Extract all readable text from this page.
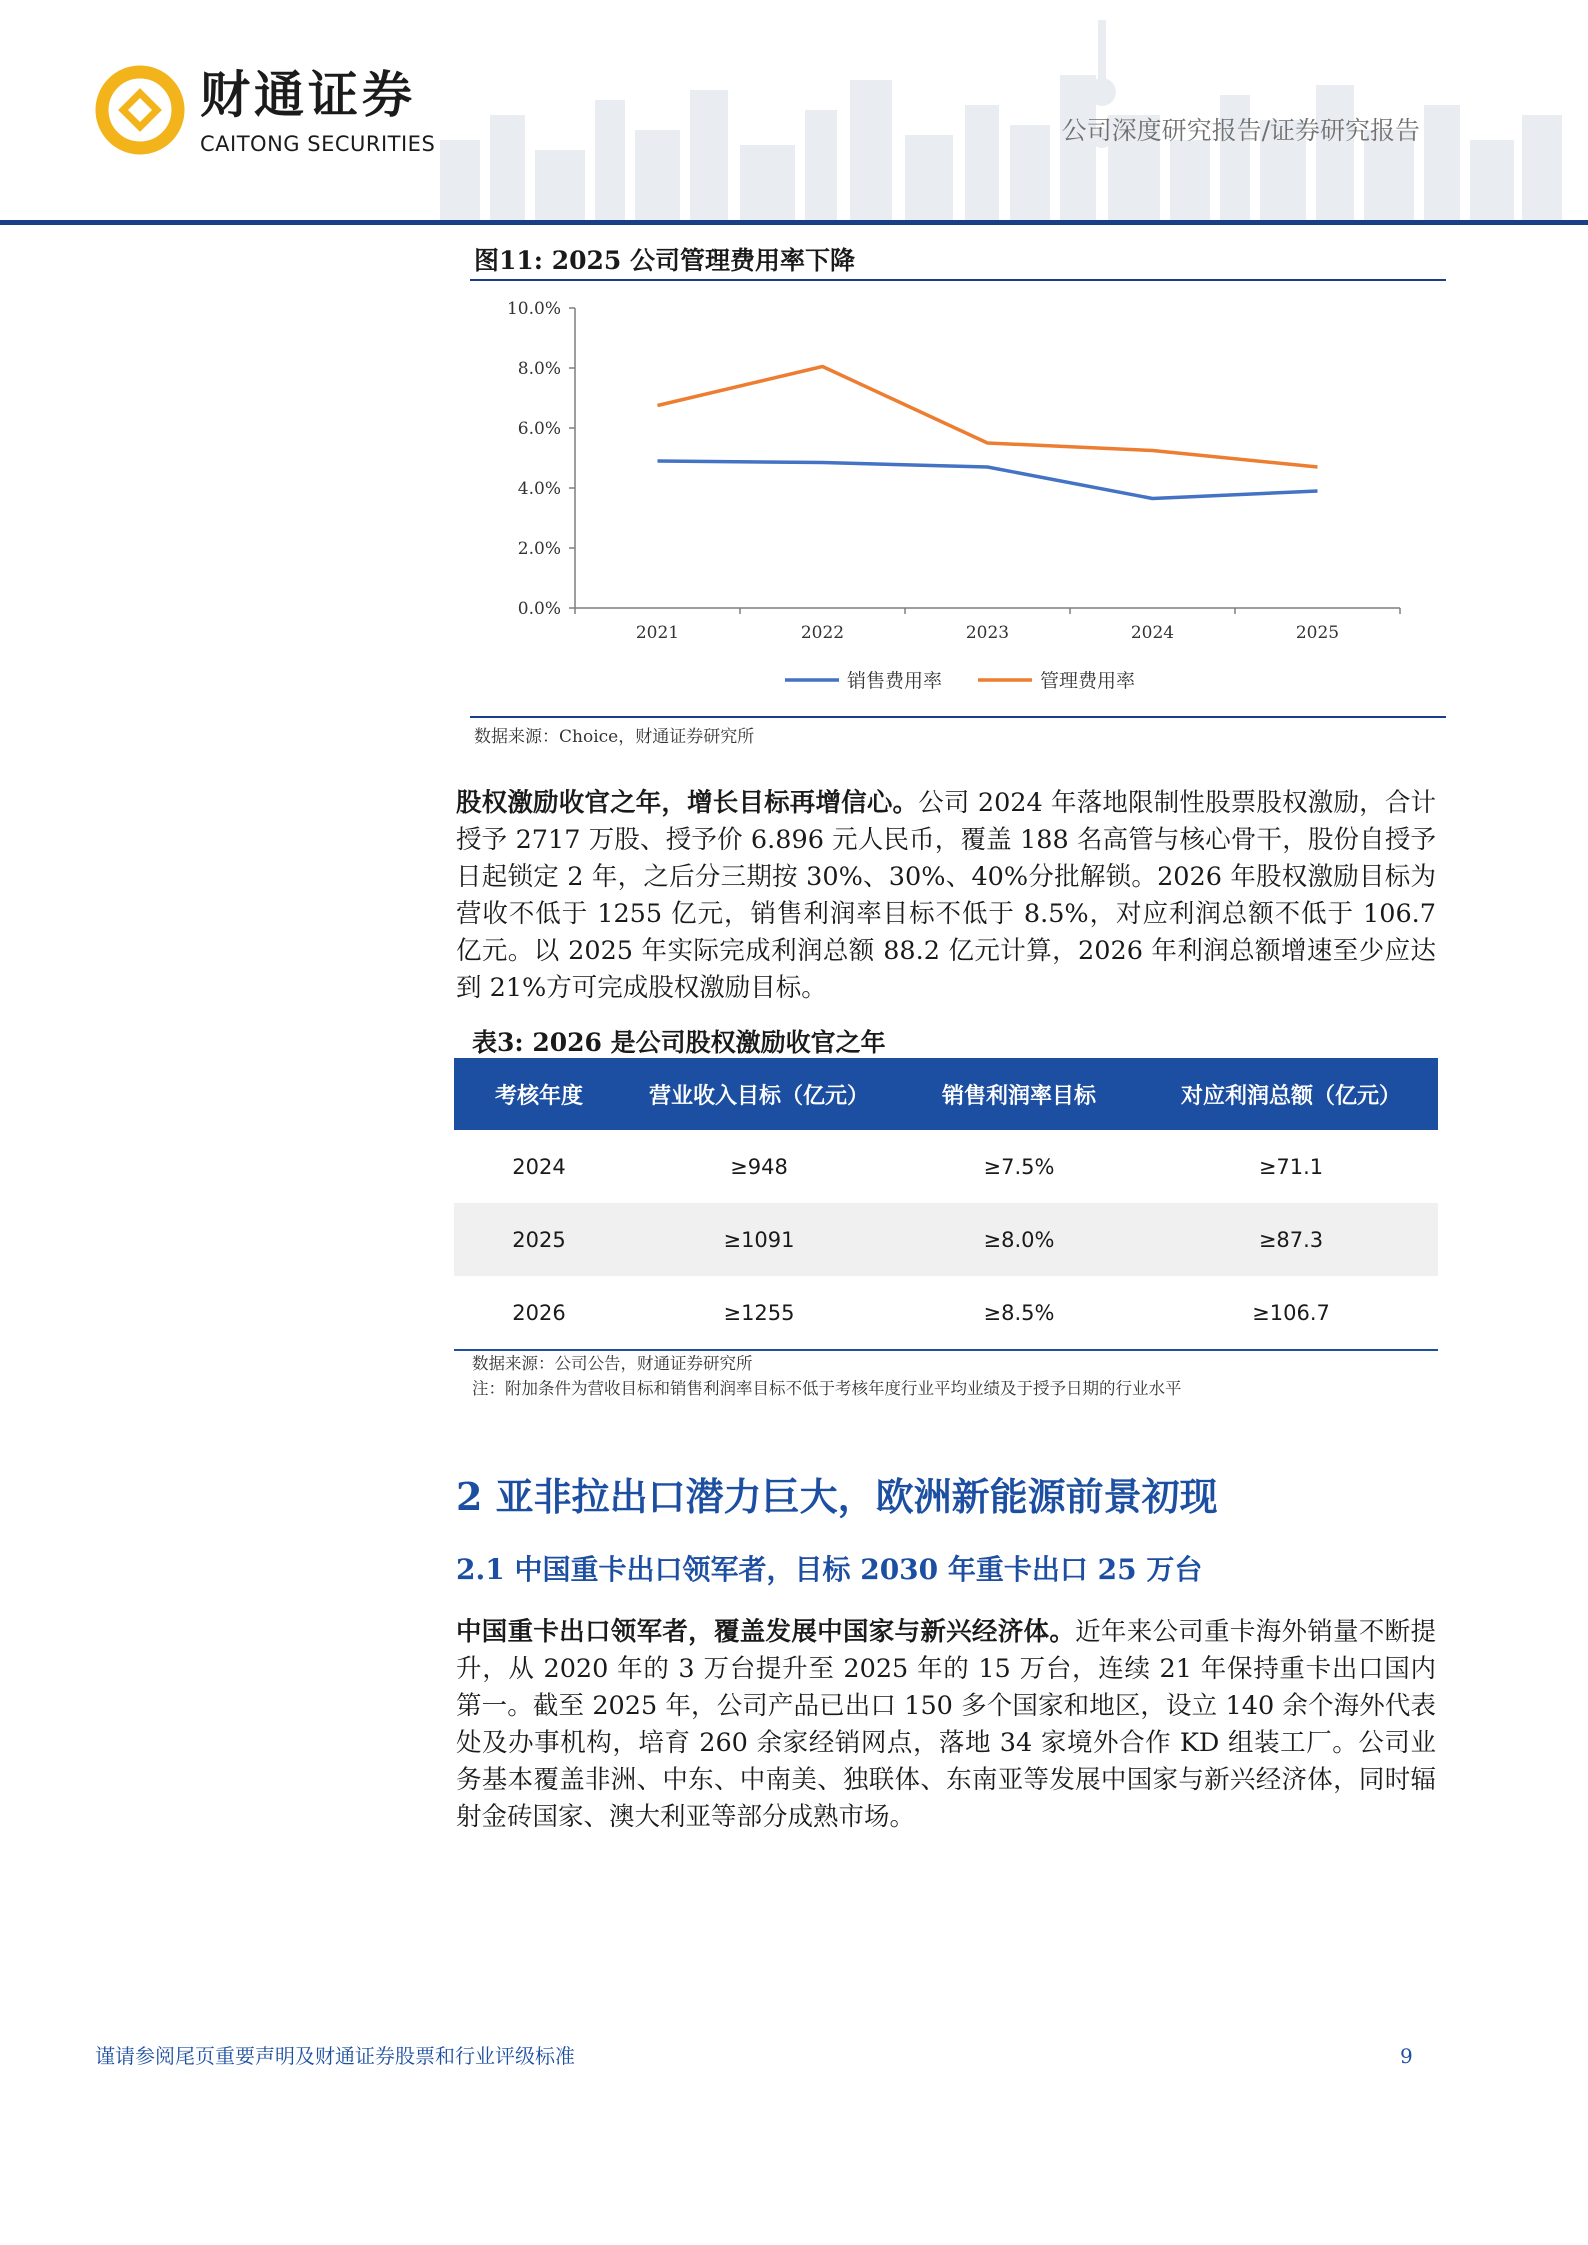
财通证券
CAITONG SECURITIES	公司深度研究报告/证券研究报告
图11: 2025 公司管理费用率下降
0.0%
2.0%
4.0%
6.0%
8.0%
10.0%
2021	2022	2023	2024	2025
销售费用率	管理费用率
数据来源：Choice，财通证券研究所
股权激励收官之年，增长目标再增信心。公司 2024 年落地限制性股票股权激励，合计授予 2717 万股、授予价 6.896 元人民币，覆盖 188 名高管与核心骨干，股份自授予日起锁定 2 年，之后分三期按 30%、30%、40%分批解锁。2026 年股权激励目标为营收不低于 1255 亿元，销售利润率目标不低于 8.5%，对应利润总额不低于 106.7 亿元。以 2025 年实际完成利润总额 88.2 亿元计算，2026 年利润总额增速至少应达到 21%方可完成股权激励目标。
表3: 2026 是公司股权激励收官之年
考核年度	营业收入目标（亿元）	销售利润率目标	对应利润总额（亿元）
2024	≥948	≥7.5%	≥71.1
2025	≥1091	≥8.0%	≥87.3
2026	≥1255	≥8.5%	≥106.7
数据来源：公司公告，财通证券研究所
注：附加条件为营收目标和销售利润率目标不低于考核年度行业平均业绩及于授予日期的行业水平
2 亚非拉出口潜力巨大，欧洲新能源前景初现
2.1 中国重卡出口领军者，目标 2030 年重卡出口 25 万台
中国重卡出口领军者，覆盖发展中国家与新兴经济体。近年来公司重卡海外销量不断提升，从 2020 年的 3 万台提升至 2025 年的 15 万台，连续 21 年保持重卡出口国内第一。截至 2025 年，公司产品已出口 150 多个国家和地区，设立 140 余个海外代表处及办事机构，培育 260 余家经销网点，落地 34 家境外合作 KD 组装工厂。公司业务基本覆盖非洲、中东、中南美、独联体、东南亚等发展中国家与新兴经济体，同时辐射金砖国家、澳大利亚等部分成熟市场。
谨请参阅尾页重要声明及财通证券股票和行业评级标准	9
